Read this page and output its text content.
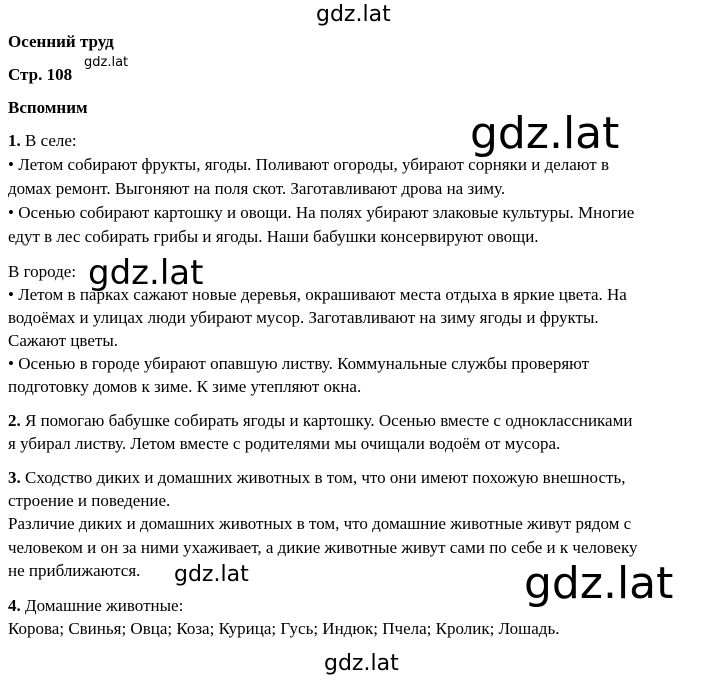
gdz.lat
gdz.lat
gdz.lat
gdz.lat
gdz.lat	gdz.lat
gdz.lat
Осенний труд
Стр. 108
Вспомним
1. В селе:
• Летом собирают фрукты, ягоды. Поливают огороды, убирают сорняки и делают в
домах ремонт. Выгоняют на поля скот. Заготавливают дрова на зиму.
• Осенью собирают картошку и овощи. На полях убирают злаковые культуры. Многие
едут в лес собирать грибы и ягоды. Наши бабушки консервируют овощи.
В городе:
• Летом в парках сажают новые деревья, окрашивают места отдыха в яркие цвета. На
водоёмах и улицах люди убирают мусор. Заготавливают на зиму ягоды и фрукты.
Сажают цветы.
• Осенью в городе убирают опавшую листву. Коммунальные службы проверяют
подготовку домов к зиме. К зиме утепляют окна.
2. Я помогаю бабушке собирать ягоды и картошку. Осенью вместе с одноклассниками
я убирал листву. Летом вместе с родителями мы очищали водоём от мусора.
3. Сходство диких и домашних животных в том, что они имеют похожую внешность,
строение и поведение.
Различие диких и домашних животных в том, что домашние животные живут рядом с
человеком и он за ними ухаживает, а дикие животные живут сами по себе и к человеку
не приближаются.
4. Домашние животные:
Корова; Свинья; Овца; Коза; Курица; Гусь; Индюк; Пчела; Кролик; Лошадь.
